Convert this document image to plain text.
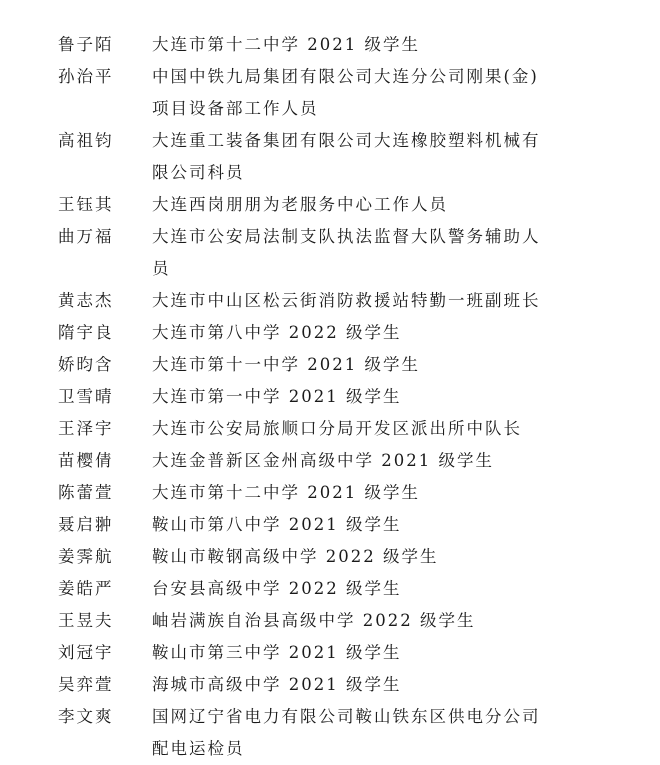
鲁子陌	大连市第十二中学 2021 级学生
孙治平	中国中铁九局集团有限公司大连分公司刚果(金)项目设备部工作人员
高祖钧	大连重工装备集团有限公司大连橡胶塑料机械有限公司科员
王钰其	大连西岗朋朋为老服务中心工作人员
曲万福	大连市公安局法制支队执法监督大队警务辅助人员
黄志杰	大连市中山区松云街消防救援站特勤一班副班长
隋宇良	大连市第八中学 2022 级学生
娇昀含	大连市第十一中学 2021 级学生
卫雪晴	大连市第一中学 2021 级学生
王泽宇	大连市公安局旅顺口分局开发区派出所中队长
苗樱倩	大连金普新区金州高级中学 2021 级学生
陈蕾萱	大连市第十二中学 2021 级学生
聂启翀	鞍山市第八中学 2021 级学生
姜霁航	鞍山市鞍钢高级中学 2022 级学生
姜皓严	台安县高级中学 2022 级学生
王昱夫	岫岩满族自治县高级中学 2022 级学生
刘冠宇	鞍山市第三中学 2021 级学生
吴弈萱	海城市高级中学 2021 级学生
李文爽	国网辽宁省电力有限公司鞍山铁东区供电分公司配电运检员
